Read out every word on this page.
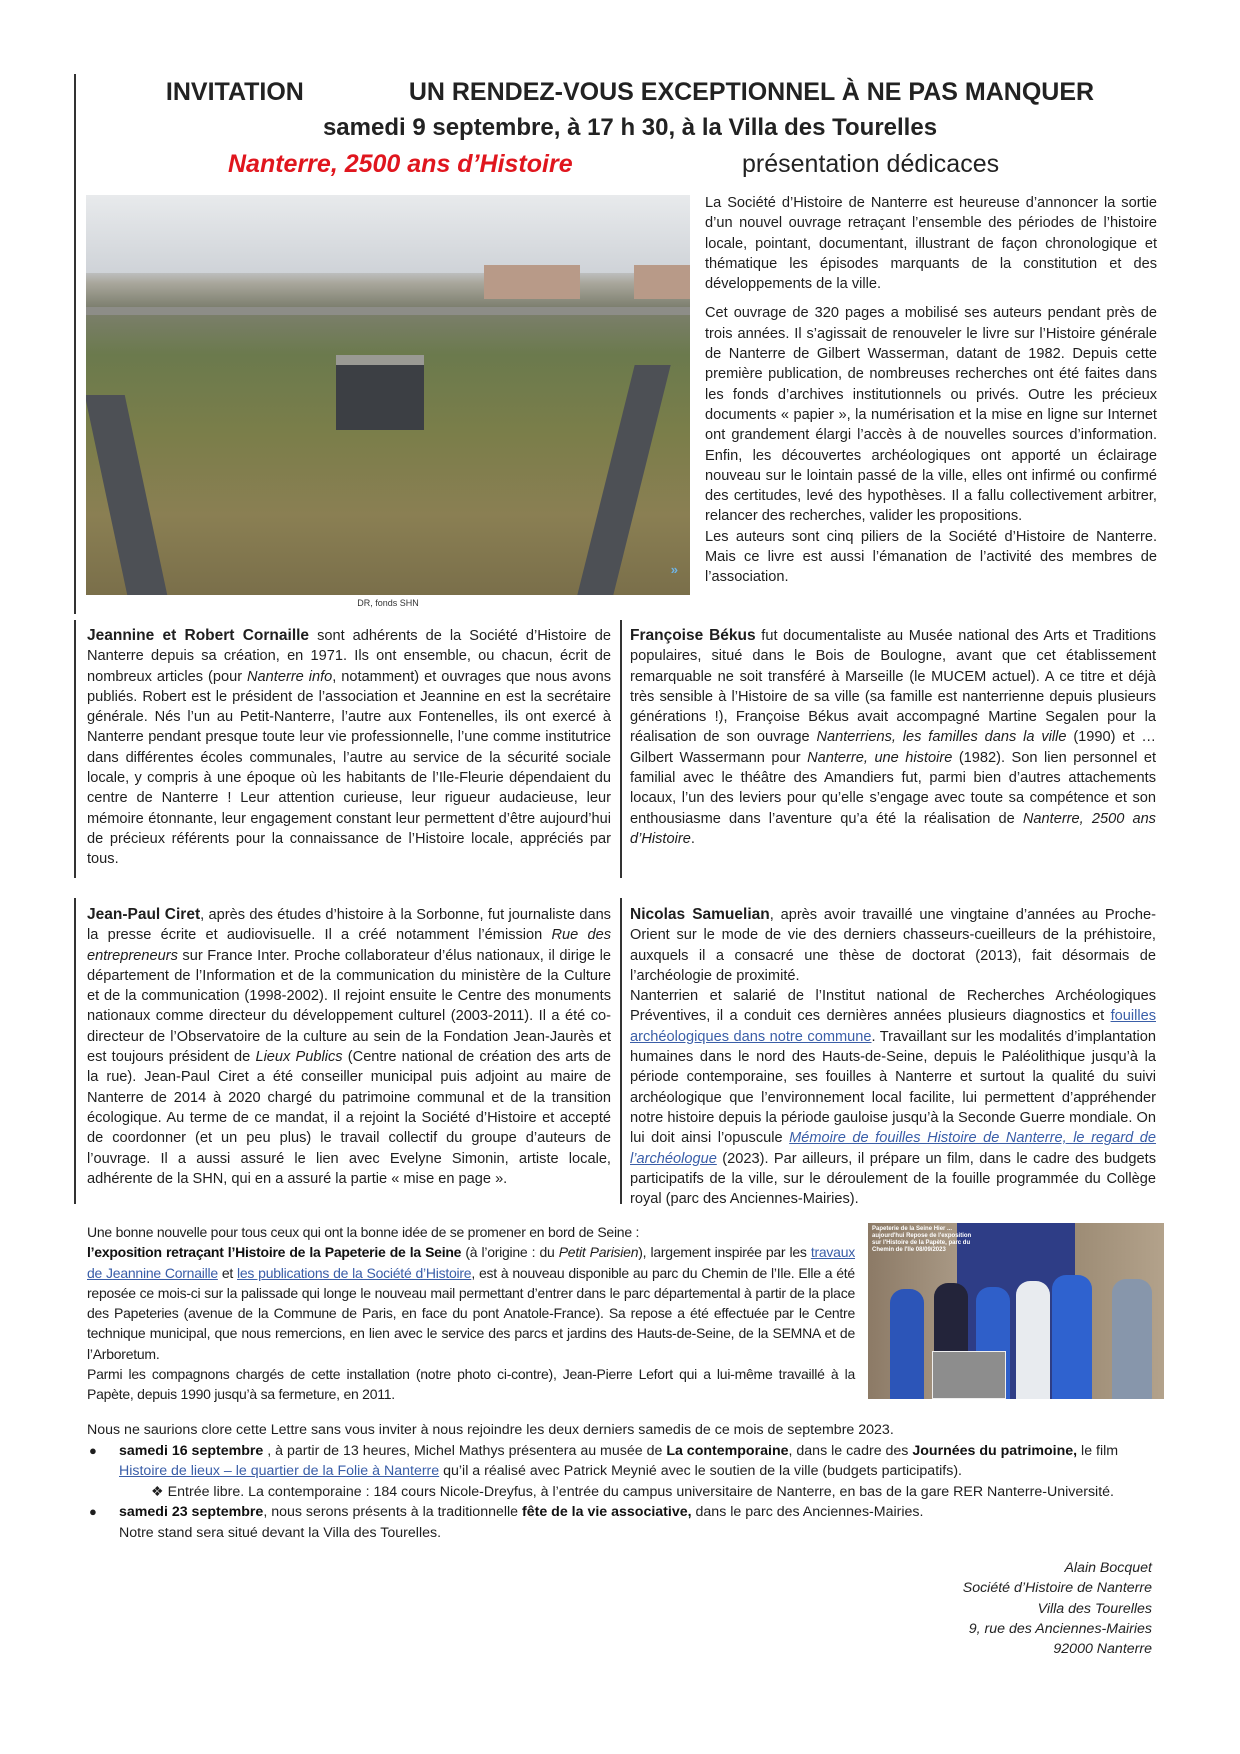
INVITATION	UN RENDEZ-VOUS EXCEPTIONNEL À NE PAS MANQUER
samedi 9 septembre, à 17 h 30, à la Villa des Tourelles
Nanterre, 2500 ans d’Histoire	présentation dédicaces
»
DR, fonds SHN

La Société d’Histoire de Nanterre est heureuse d’annoncer la sortie d’un nouvel ouvrage retraçant l’ensemble des périodes de l’histoire locale, pointant, documentant, illustrant de façon chronologique et thématique les épisodes marquants de la constitution et des développements de la ville.

Cet ouvrage de 320 pages a mobilisé ses auteurs pendant près de trois années. Il s’agissait de renouveler le livre sur l’Histoire générale de Nanterre de Gilbert Wasserman, datant de 1982. Depuis cette première publication, de nombreuses recherches ont été faites dans les fonds d’archives institutionnels ou privés. Outre les précieux documents « papier », la numérisation et la mise en ligne sur Internet ont grandement élargi l’accès à de nouvelles sources d’information. Enfin, les découvertes archéologiques ont apporté un éclairage nouveau sur le lointain passé de la ville, elles ont infirmé ou confirmé des certitudes, levé des hypothèses. Il a fallu collectivement arbitrer, relancer des recherches, valider les propositions.

Les auteurs sont cinq piliers de la Société d’Histoire de Nanterre. Mais ce livre est aussi l’émanation de l’activité des membres de l’association.

Jeannine et Robert Cornaille sont adhérents de la Société d’Histoire de Nanterre depuis sa création, en 1971. Ils ont ensemble, ou chacun, écrit de nombreux articles (pour Nanterre info, notamment) et ouvrages que nous avons publiés. Robert est le président de l’association et Jeannine en est la secrétaire générale. Nés l’un au Petit-Nanterre, l’autre aux Fontenelles, ils ont exercé à Nanterre pendant presque toute leur vie professionnelle, l’une comme institutrice dans différentes écoles communales, l’autre au service de la sécurité sociale locale, y compris à une époque où les habitants de l’Ile-Fleurie dépendaient du centre de Nanterre ! Leur attention curieuse, leur rigueur audacieuse, leur mémoire étonnante, leur engagement constant leur permettent d’être aujourd’hui de précieux référents pour la connaissance de l’Histoire locale, appréciés par tous.

Françoise Békus fut documentaliste au Musée national des Arts et Traditions populaires, situé dans le Bois de Boulogne, avant que cet établissement remarquable ne soit transféré à Marseille (le MUCEM actuel). A ce titre et déjà très sensible à l’Histoire de sa ville (sa famille est nanterrienne depuis plusieurs générations !), Françoise Békus avait accompagné Martine Segalen pour la réalisation de son ouvrage Nanterriens, les familles dans la ville (1990) et … Gilbert Wassermann pour Nanterre, une histoire (1982). Son lien personnel et familial avec le théâtre des Amandiers fut, parmi bien d’autres attachements locaux, l’un des leviers pour qu’elle s’engage avec toute sa compétence et son enthousiasme dans l’aventure qu’a été la réalisation de Nanterre, 2500 ans d’Histoire.

Jean-Paul Ciret, après des études d’histoire à la Sorbonne, fut journaliste dans la presse écrite et audiovisuelle. Il a créé notamment l’émission Rue des entrepreneurs sur France Inter. Proche collaborateur d’élus nationaux, il dirige le département de l’Information et de la communication du ministère de la Culture et de la communication (1998-2002). Il rejoint ensuite le Centre des monuments nationaux comme directeur du développement culturel (2003-2011). Il a été co-directeur de l’Observatoire de la culture au sein de la Fondation Jean-Jaurès et est toujours président de Lieux Publics (Centre national de création des arts de la rue). Jean-Paul Ciret a été conseiller municipal puis adjoint au maire de Nanterre de 2014 à 2020 chargé du patrimoine communal et de la transition écologique. Au terme de ce mandat, il a rejoint la Société d’Histoire et accepté de coordonner (et un peu plus) le travail collectif du groupe d’auteurs de l’ouvrage. Il a aussi assuré le lien avec Evelyne Simonin, artiste locale, adhérente de la SHN, qui en a assuré la partie « mise en page ».

Nicolas Samuelian, après avoir travaillé une vingtaine d’années au Proche-Orient sur le mode de vie des derniers chasseurs-cueilleurs de la préhistoire, auxquels il a consacré une thèse de doctorat (2013), fait désormais de l’archéologie de proximité.

Nanterrien et salarié de l’Institut national de Recherches Archéologiques Préventives, il a conduit ces dernières années plusieurs diagnostics et fouilles archéologiques dans notre commune. Travaillant sur les modalités d’implantation humaines dans le nord des Hauts-de-Seine, depuis le Paléolithique jusqu’à la période contemporaine, ses fouilles à Nanterre et surtout la qualité du suivi archéologique que l’environnement local facilite, lui permettent d’appréhender notre histoire depuis la période gauloise jusqu’à la Seconde Guerre mondiale. On lui doit ainsi l’opuscule Mémoire de fouilles Histoire de Nanterre, le regard de l’archéologue (2023). Par ailleurs, il prépare un film, dans le cadre des budgets participatifs de la ville, sur le déroulement de la fouille programmée du Collège royal (parc des Anciennes-Mairies).

Une bonne nouvelle pour tous ceux qui ont la bonne idée de se promener en bord de Seine :

l’exposition retraçant l’Histoire de la Papeterie de la Seine (à l’origine : du Petit Parisien), largement inspirée par les travaux de Jeannine Cornaille et les publications de la Société d’Histoire, est à nouveau disponible au parc du Chemin de l’Ile. Elle a été reposée ce mois-ci sur la palissade qui longe le nouveau mail permettant d’entrer dans le parc départemental à partir de la place des Papeteries (avenue de la Commune de Paris, en face du pont Anatole-France). Sa repose a été effectuée par le Centre technique municipal, que nous remercions, en lien avec le service des parcs et jardins des Hauts-de-Seine, de la SEMNA et de l’Arboretum.

Parmi les compagnons chargés de cette installation (notre photo ci-contre), Jean-Pierre Lefort qui a lui-même travaillé à la Papète, depuis 1990 jusqu’à sa fermeture, en 2011.

Papeterie de la Seine Hier ... aujourd'hui Repose de l'exposition sur l'Histoire de la Papète, parc du Chemin de l'Ile 08/09/2023

Nous ne saurions clore cette Lettre sans vous inviter à nous rejoindre les deux derniers samedis de ce mois de septembre 2023.

● samedi 16 septembre , à partir de 13 heures, Michel Mathys présentera au musée de La contemporaine, dans le cadre des Journées du patrimoine, le film Histoire de lieux – le quartier de la Folie à Nanterre qu’il a réalisé avec Patrick Meynié avec le soutien de la ville (budgets participatifs).
❖ Entrée libre. La contemporaine : 184 cours Nicole-Dreyfus, à l’entrée du campus universitaire de Nanterre, en bas de la gare RER Nanterre-Université.
● samedi 23 septembre, nous serons présents à la traditionnelle fête de la vie associative, dans le parc des Anciennes-Mairies.
Notre stand sera situé devant la Villa des Tourelles.
Alain Bocquet
Société d’Histoire de Nanterre
Villa des Tourelles
9, rue des Anciennes-Mairies
92000 Nanterre
